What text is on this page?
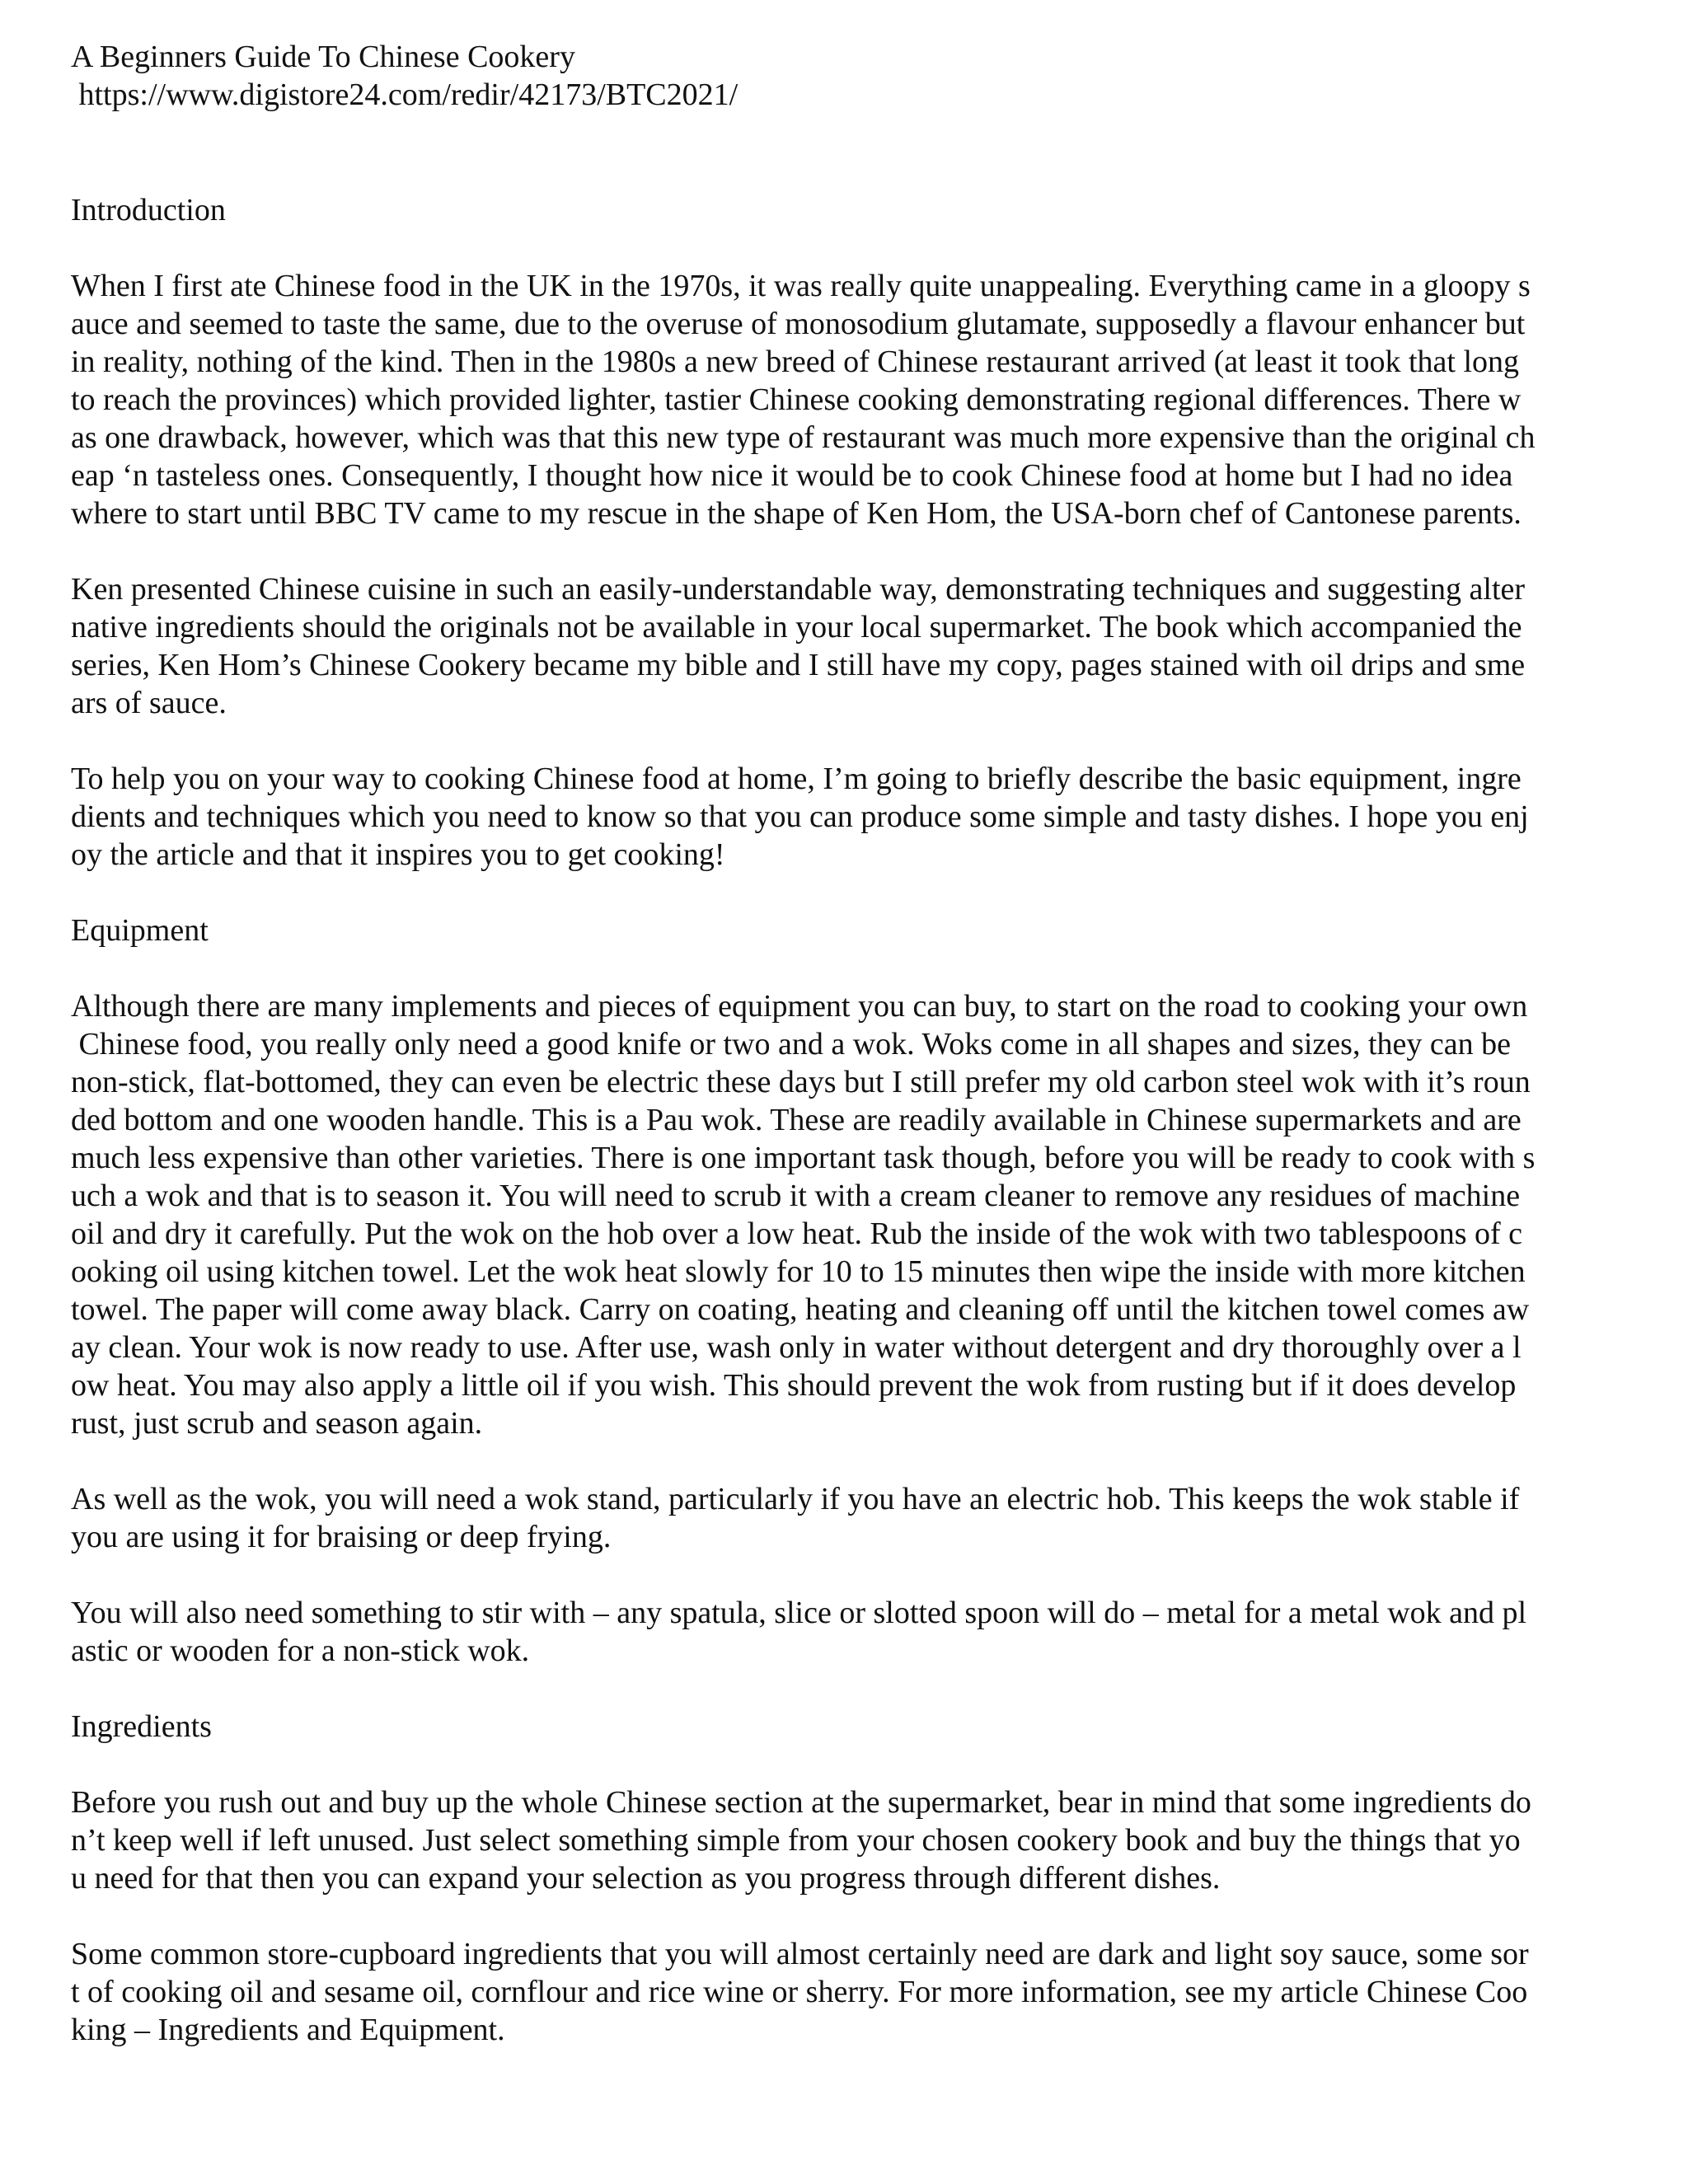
A Beginners Guide To Chinese Cookery
https://www.digistore24.com/redir/42173/BTC2021/
Introduction
When I first ate Chinese food in the UK in the 1970s, it was really quite unappealing. Everything came in a gloopy s
auce and seemed to taste the same, due to the overuse of monosodium glutamate, supposedly a flavour enhancer but
in reality, nothing of the kind. Then in the 1980s a new breed of Chinese restaurant arrived (at least it took that long
to reach the provinces) which provided lighter, tastier Chinese cooking demonstrating regional differences. There w
as one drawback, however, which was that this new type of restaurant was much more expensive than the original ch
eap ‘n tasteless ones. Consequently, I thought how nice it would be to cook Chinese food at home but I had no idea
where to start until BBC TV came to my rescue in the shape of Ken Hom, the USA-born chef of Cantonese parents.
Ken presented Chinese cuisine in such an easily-understandable way, demonstrating techniques and suggesting alter
native ingredients should the originals not be available in your local supermarket. The book which accompanied the
series, Ken Hom’s Chinese Cookery became my bible and I still have my copy, pages stained with oil drips and sme
ars of sauce.
To help you on your way to cooking Chinese food at home, I’m going to briefly describe the basic equipment, ingre
dients and techniques which you need to know so that you can produce some simple and tasty dishes. I hope you enj
oy the article and that it inspires you to get cooking!
Equipment
Although there are many implements and pieces of equipment you can buy, to start on the road to cooking your own
Chinese food, you really only need a good knife or two and a wok. Woks come in all shapes and sizes, they can be
non-stick, flat-bottomed, they can even be electric these days but I still prefer my old carbon steel wok with it’s roun
ded bottom and one wooden handle. This is a Pau wok. These are readily available in Chinese supermarkets and are
much less expensive than other varieties. There is one important task though, before you will be ready to cook with s
uch a wok and that is to season it. You will need to scrub it with a cream cleaner to remove any residues of machine
oil and dry it carefully. Put the wok on the hob over a low heat. Rub the inside of the wok with two tablespoons of c
ooking oil using kitchen towel. Let the wok heat slowly for 10 to 15 minutes then wipe the inside with more kitchen
towel. The paper will come away black. Carry on coating, heating and cleaning off until the kitchen towel comes aw
ay clean. Your wok is now ready to use. After use, wash only in water without detergent and dry thoroughly over a l
ow heat. You may also apply a little oil if you wish. This should prevent the wok from rusting but if it does develop
rust, just scrub and season again.
As well as the wok, you will need a wok stand, particularly if you have an electric hob. This keeps the wok stable if
you are using it for braising or deep frying.
You will also need something to stir with – any spatula, slice or slotted spoon will do – metal for a metal wok and pl
astic or wooden for a non-stick wok.
Ingredients
Before you rush out and buy up the whole Chinese section at the supermarket, bear in mind that some ingredients do
n’t keep well if left unused. Just select something simple from your chosen cookery book and buy the things that yo
u need for that then you can expand your selection as you progress through different dishes.
Some common store-cupboard ingredients that you will almost certainly need are dark and light soy sauce, some sor
t of cooking oil and sesame oil, cornflour and rice wine or sherry. For more information, see my article Chinese Coo
king – Ingredients and Equipment.
